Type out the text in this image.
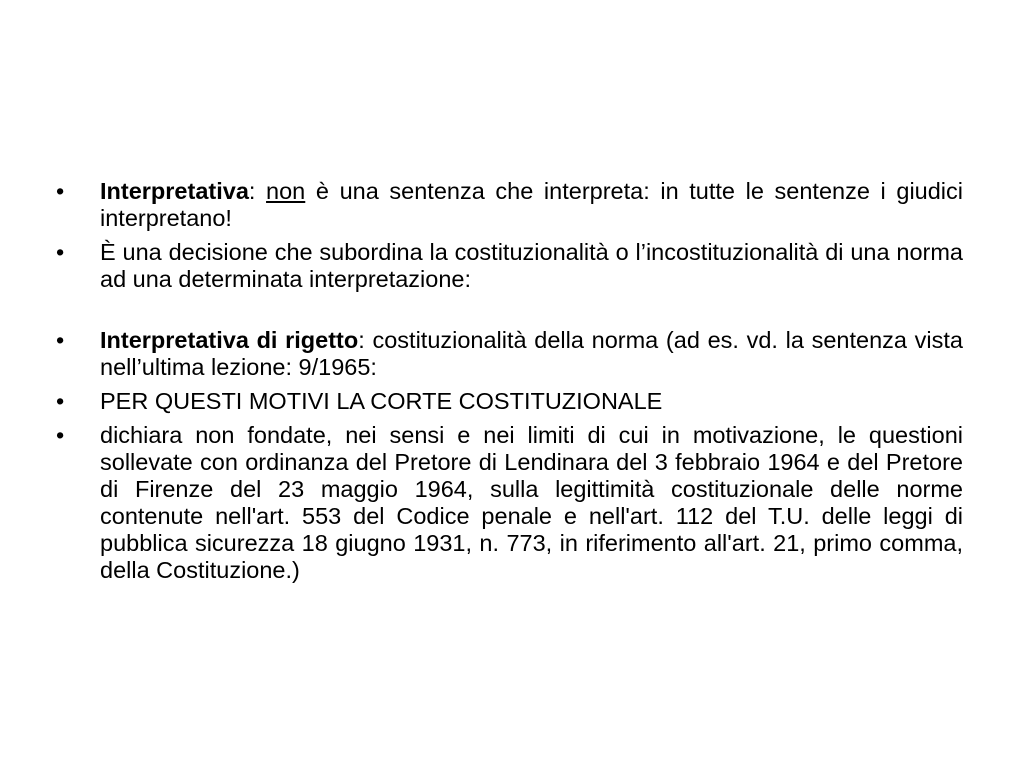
•	Interpretativa: non è una sentenza che interpreta: in tutte le sentenze i giudici interpretano!
•	È una decisione che subordina la costituzionalità o l’incostituzionalità di una norma ad una determinata interpretazione:
•	Interpretativa di rigetto: costituzionalità della norma (ad es. vd. la sentenza vista nell’ultima lezione: 9/1965:
•	PER QUESTI MOTIVI LA CORTE COSTITUZIONALE
•	dichiara non fondate, nei sensi e nei limiti di cui in motivazione, le questioni sollevate con ordinanza del Pretore di Lendinara del 3 febbraio 1964 e del Pretore di Firenze del 23 maggio 1964, sulla legittimità costituzionale delle norme contenute nell'art. 553 del Codice penale e nell'art. 112 del T.U. delle leggi di pubblica sicurezza 18 giugno 1931, n. 773, in riferimento all'art. 21, primo comma, della Costituzione.)
